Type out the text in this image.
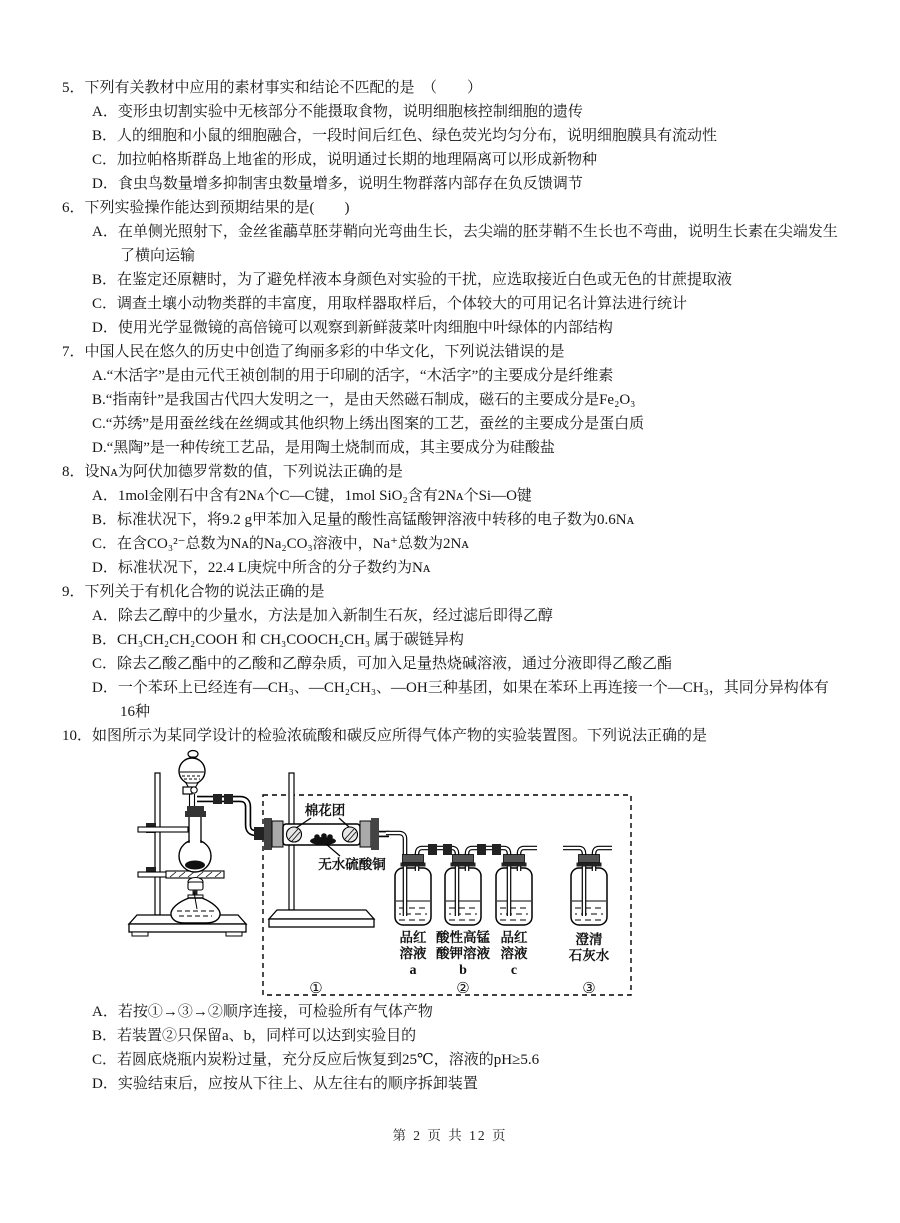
5．下列有关教材中应用的素材事实和结论不匹配的是　（　　）
A．变形虫切割实验中无核部分不能摄取食物，说明细胞核控制细胞的遗传
B．人的细胞和小鼠的细胞融合，一段时间后红色、绿色荧光均匀分布，说明细胞膜具有流动性
C．加拉帕格斯群岛上地雀的形成，说明通过长期的地理隔离可以形成新物种
D．食虫鸟数量增多抑制害虫数量增多，说明生物群落内部存在负反馈调节
6．下列实验操作能达到预期结果的是(　　)
A．在单侧光照射下，金丝雀虉草胚芽鞘向光弯曲生长，去尖端的胚芽鞘不生长也不弯曲，说明生长素在尖端发生了横向运输
B．在鉴定还原糖时，为了避免样液本身颜色对实验的干扰，应选取接近白色或无色的甘蔗提取液
C．调查土壤小动物类群的丰富度，用取样器取样后，个体较大的可用记名计算法进行统计
D．使用光学显微镜的高倍镜可以观察到新鲜菠菜叶肉细胞中叶绿体的内部结构
7．中国人民在悠久的历史中创造了绚丽多彩的中华文化，下列说法错误的是
A.“木活字”是由元代王祯创制的用于印刷的活字，“木活字”的主要成分是纤维素
B.“指南针”是我国古代四大发明之一，是由天然磁石制成，磁石的主要成分是Fe₂O₃
C.“苏绣”是用蚕丝线在丝绸或其他织物上绣出图案的工艺，蚕丝的主要成分是蛋白质
D.“黑陶”是一种传统工艺品，是用陶土烧制而成，其主要成分为硅酸盐
8．设Nᴀ为阿伏加德罗常数的值，下列说法正确的是
A．1mol金刚石中含有2Nᴀ个C—C键，1mol SiO₂含有2Nᴀ个Si—O键
B．标准状况下，将9.2 g甲苯加入足量的酸性高锰酸钾溶液中转移的电子数为0.6Nᴀ
C．在含CO₃²⁻总数为Nᴀ的Na₂CO₃溶液中，Na⁺总数为2Nᴀ
D．标准状况下，22.4 L庚烷中所含的分子数约为Nᴀ
9．下列关于有机化合物的说法正确的是
A．除去乙醇中的少量水，方法是加入新制生石灰，经过滤后即得乙醇
B．CH₃CH₂CH₂COOH 和 CH₃COOCH₂CH₃ 属于碳链异构
C．除去乙酸乙酯中的乙酸和乙醇杂质，可加入足量热烧碱溶液，通过分液即得乙酸乙酯
D．一个苯环上已经连有—CH₃、—CH₂CH₃、—OH三种基团，如果在苯环上再连接一个—CH₃，其同分异构体有16种
10．如图所示为某同学设计的检验浓硫酸和碳反应所得气体产物的实验装置图。下列说法正确的是
棉花团
无水硫酸铜
品红
溶液
a
酸性高锰
酸钾溶液
b
品红
溶液
c
澄清
石灰水
①	②	③
A．若按①→③→②顺序连接，可检验所有气体产物
B．若装置②只保留a、b，同样可以达到实验目的
C．若圆底烧瓶内炭粉过量，充分反应后恢复到25℃，溶液的pH≥5.6
D．实验结束后，应按从下往上、从左往右的顺序拆卸装置
第 2 页 共 12 页
